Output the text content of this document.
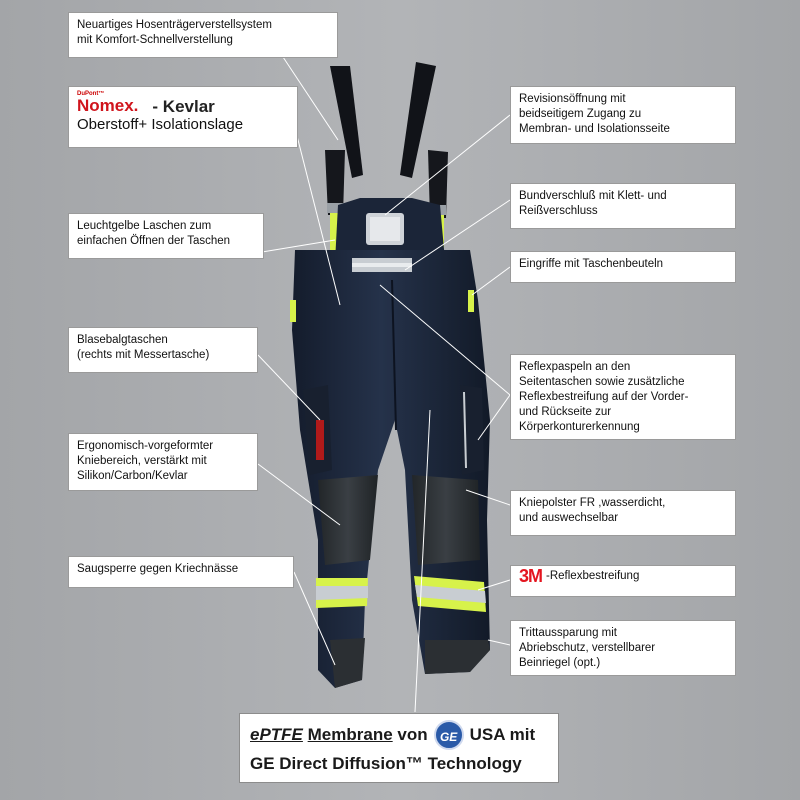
Neuartiges Hosenträgerverstellsystem
mit Komfort-Schnellverstellung
DuPont™
Nomex. - Kevlar
Oberstoff+ Isolationslage
Leuchtgelbe Laschen zum
einfachen Öffnen der Taschen
Blasebalgtaschen
(rechts mit Messertasche)
Ergonomisch-vorgeformter
Kniebereich, verstärkt mit
Silikon/Carbon/Kevlar
Saugsperre gegen Kriechnässe
Revisionsöffnung mit
beidseitigem Zugang zu
Membran- und Isolationsseite
Bundverschluß mit Klett- und
Reißverschluss
Eingriffe mit Taschenbeuteln
Reflexpaspeln an den
Seitentaschen sowie zusätzliche
Reflexbestreifung auf der Vorder-
und Rückseite zur
Körperkonturerkennung
Kniepolster FR ,wasserdicht,
und auswechselbar
3M -Reflexbestreifung
Trittaussparung mit
Abriebschutz, verstellbarer
Beinriegel (opt.)
ePTFE
Membrane
von	GE USA mit
GE Direct Diffusion™ Technology
